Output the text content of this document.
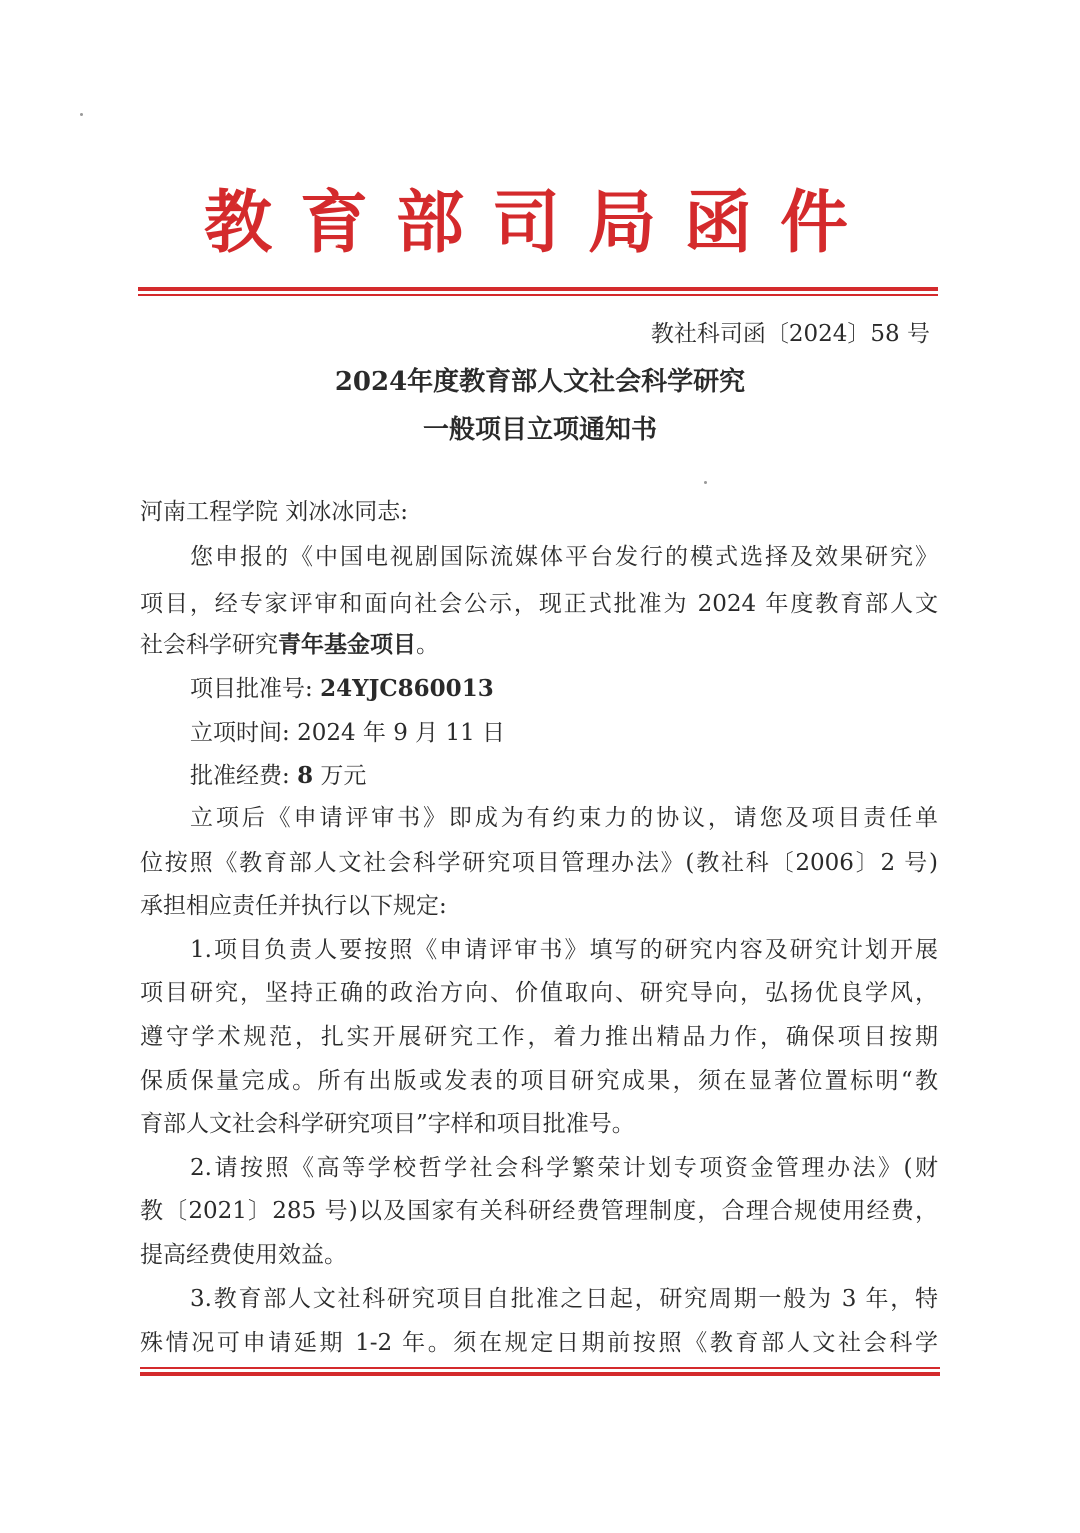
教育部司局函件
教社科司函〔2024〕58 号
2024年度教育部人文社会科学研究
一般项目立项通知书
河南工程学院 刘冰冰同志:
您申报的《中国电视剧国际流媒体平台发行的模式选择及效果研究》
项目，经专家评审和面向社会公示，现正式批准为 2024 年度教育部人文
社会科学研究青年基金项目。
项目批准号: 24YJC860013
立项时间: 2024 年 9 月 11 日
批准经费: 8 万元
立项后《申请评审书》即成为有约束力的协议，请您及项目责任单
位按照《教育部人文社会科学研究项目管理办法》(教社科〔2006〕2 号)
承担相应责任并执行以下规定:
1.项目负责人要按照《申请评审书》填写的研究内容及研究计划开展
项目研究，坚持正确的政治方向、价值取向、研究导向，弘扬优良学风，
遵守学术规范，扎实开展研究工作，着力推出精品力作，确保项目按期
保质保量完成。所有出版或发表的项目研究成果，须在显著位置标明“教
育部人文社会科学研究项目”字样和项目批准号。
2.请按照《高等学校哲学社会科学繁荣计划专项资金管理办法》(财
教〔2021〕285 号)以及国家有关科研经费管理制度，合理合规使用经费，
提高经费使用效益。
3.教育部人文社科研究项目自批准之日起，研究周期一般为 3 年，特
殊情况可申请延期 1-2 年。须在规定日期前按照《教育部人文社会科学
